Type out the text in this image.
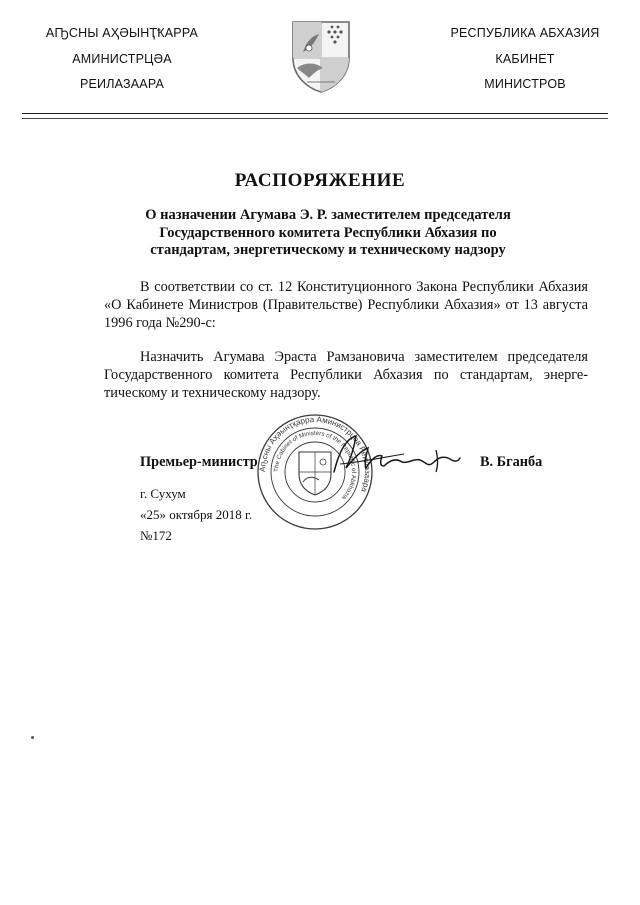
АҦСНЫ АҲӘЫНҬҞАРРА
АМИНИСТРЦӘА
РЕИЛАЗААРА
РЕСПУБЛИКА АБХАЗИЯ
КАБИНЕТ
МИНИСТРОВ
РАСПОРЯЖЕНИЕ
О назначении Агумава Э. Р. заместителем председателя
Государственного комитета Республики Абхазия по
стандартам, энергетическому и техническому надзору
В соответствии со ст. 12 Конституционного Закона Республики Абхазия «О Кабинете Министров (Правительстве) Республики Абхазия» от 13 августа 1996 года №290-с:
Назначить Агумава Эраста Рамзановича заместителем председателя Государственного комитета Республики Абхазия по стандартам, энерге-тическому и техническому надзору.
Аҧсны Аҳәынҭқарра Аминистрцәа Реилазаара
The Cabinet of Ministers of the Republic of Abkhazia
Премьер-министр	В. Бганба
г. Сухум
«25» октября 2018 г.
№172
